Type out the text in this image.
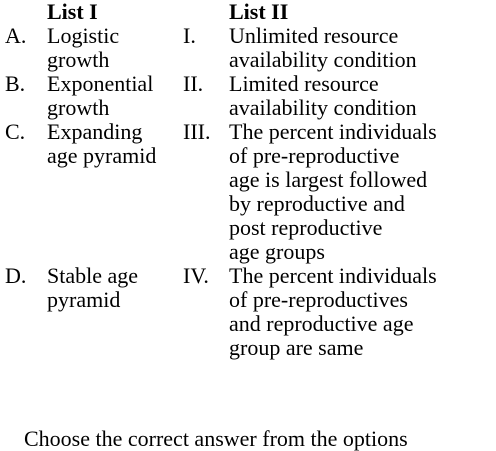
List I	List II
A. Logistic
growth
I. Unlimited resource
availability condition
B. Exponential
growth
II. Limited resource
availability condition
C. Expanding
age pyramid
III. The percent individuals
of pre-reproductive
age is largest followed
by reproductive and
post reproductive
age groups
D. Stable age
pyramid
IV. The percent individuals
of pre-reproductives
and reproductive age
group are same
Choose the correct answer from the options
